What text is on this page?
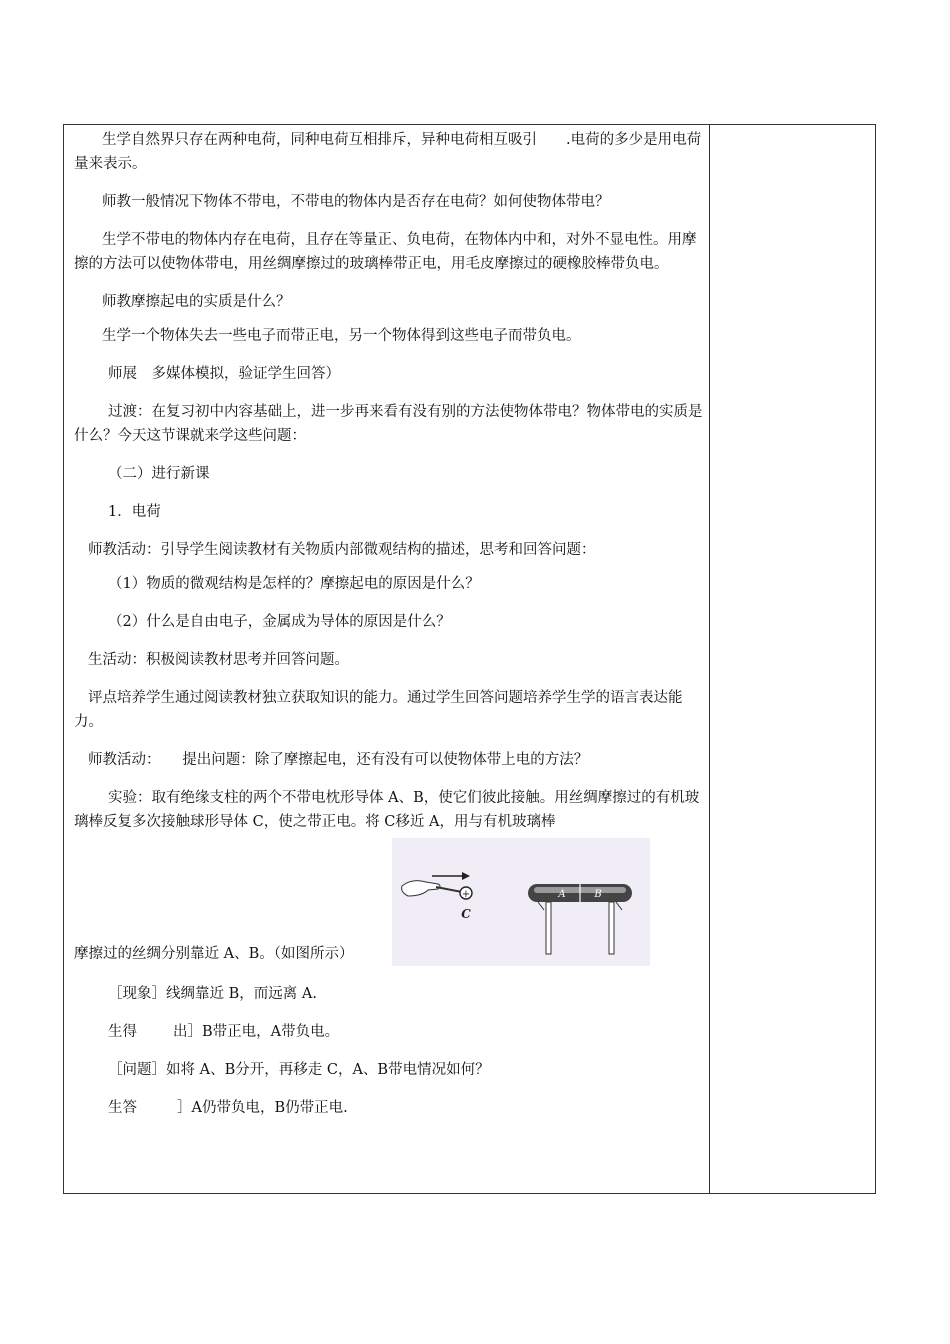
生学自然界只存在两种电荷，同种电荷互相排斥，异种电荷相互吸引　　.电荷的多少是用电荷量来表示。

师教一般情况下物体不带电，不带电的物体内是否存在电荷？如何使物体带电？

生学不带电的物体内存在电荷，且存在等量正、负电荷，在物体内中和，对外不显电性。用摩擦的方法可以使物体带电，用丝绸摩擦过的玻璃棒带正电，用毛皮摩擦过的硬橡胶棒带负电。

师教摩擦起电的实质是什么？

生学一个物体失去一些电子而带正电，另一个物体得到这些电子而带负电。

师展　多媒体模拟，验证学生回答）

过渡：在复习初中内容基础上，进一步再来看有没有别的方法使物体带电？物体带电的实质是什么？今天这节课就来学这些问题：

（二）进行新课

1．电荷

师教活动：引导学生阅读教材有关物质内部微观结构的描述，思考和回答问题：

（1）物质的微观结构是怎样的？摩擦起电的原因是什么？

（2）什么是自由电子，金属成为导体的原因是什么？

生活动：积极阅读教材思考并回答问题。

评点培养学生通过阅读教材独立获取知识的能力。通过学生回答问题培养学生学的语言表达能力。

师教活动：　　提出问题：除了摩擦起电，还有没有可以使物体带上电的方法？

实验：取有绝缘支柱的两个不带电枕形导体 A、B，使它们彼此接触。用丝绸摩擦过的有机玻璃棒反复多次接触球形导体 C，使之带正电。将 C移近 A，用与有机玻璃棒

+
C
A	B

摩擦过的丝绸分别靠近 A、B。（如图所示）

［现象］线绸靠近 B，而远离 A.

生得 出］B带正电，A带负电。

［问题］如将 A、B分开，再移走 C，A、B带电情况如何？

生答	］A仍带负电，B仍带正电.
